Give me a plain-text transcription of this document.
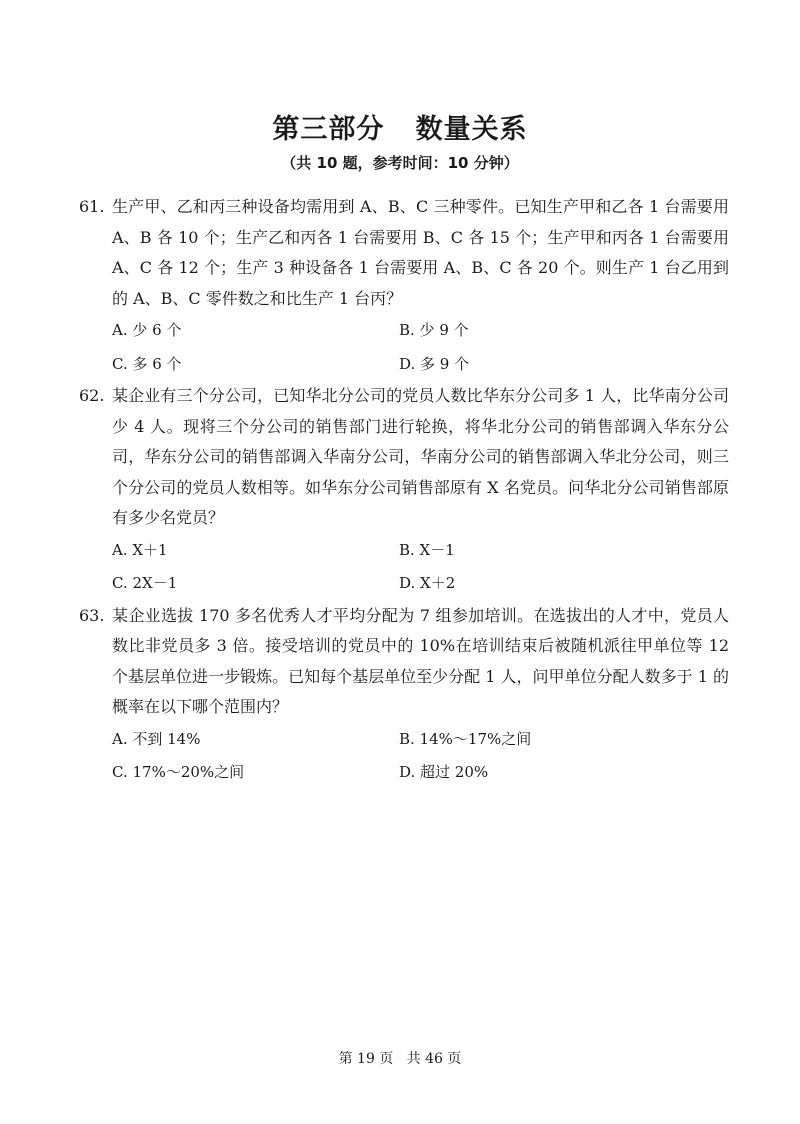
第三部分   数量关系
（共 10 题，参考时间：10 分钟）
61. 生产甲、乙和丙三种设备均需用到 A、B、C 三种零件。已知生产甲和乙各 1 台需要用 A、B 各 10 个；生产乙和丙各 1 台需要用 B、C 各 15 个；生产甲和丙各 1 台需要用 A、C 各 12 个；生产 3 种设备各 1 台需要用 A、B、C 各 20 个。则生产 1 台乙用到的 A、B、C 零件数之和比生产 1 台丙？
A. 少 6 个	B. 少 9 个
C. 多 6 个	D. 多 9 个
62. 某企业有三个分公司，已知华北分公司的党员人数比华东分公司多 1 人，比华南分公司少 4 人。现将三个分公司的销售部门进行轮换，将华北分公司的销售部调入华东分公司，华东分公司的销售部调入华南分公司，华南分公司的销售部调入华北分公司，则三个分公司的党员人数相等。如华东分公司销售部原有 X 名党员。问华北分公司销售部原有多少名党员？
A. X＋1	B. X－1
C. 2X－1	D. X＋2
63. 某企业选拔 170 多名优秀人才平均分配为 7 组参加培训。在选拔出的人才中，党员人数比非党员多 3 倍。接受培训的党员中的 10%在培训结束后被随机派往甲单位等 12 个基层单位进一步锻炼。已知每个基层单位至少分配 1 人，问甲单位分配人数多于 1 的概率在以下哪个范围内？
A. 不到 14%	B. 14%～17%之间
C. 17%～20%之间	D. 超过 20%
第 19 页   共 46 页
